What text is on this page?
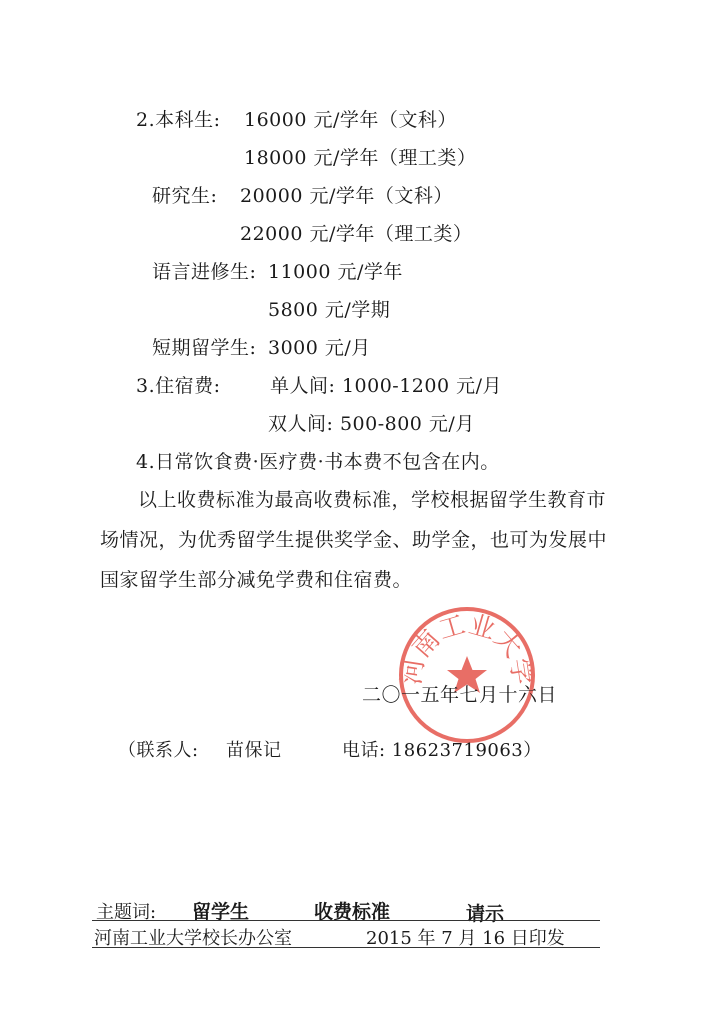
2.本科生: 16000 元/学年（文科）
18000 元/学年（理工类）
研究生: 20000 元/学年（文科）
22000 元/学年（理工类）
语言进修生: 11000 元/学年
5800 元/学期
短期留学生: 3000 元/月
3.住宿费:	单人间: 1000-1200 元/月
双人间: 500-800 元/月
4.日常饮食费·医疗费·书本费不包含在内。
以上收费标准为最高收费标准，学校根据留学生教育市场情况，为优秀留学生提供奖学金、助学金，也可为发展中国家留学生部分减免学费和住宿费。
河南工业大学
二〇一五年七月十六日
（联系人: 苗保记	电话: 18623719063）
主题词: 留学生	收费标准	请示
河南工业大学校长办公室	2015 年 7 月 16 日印发
